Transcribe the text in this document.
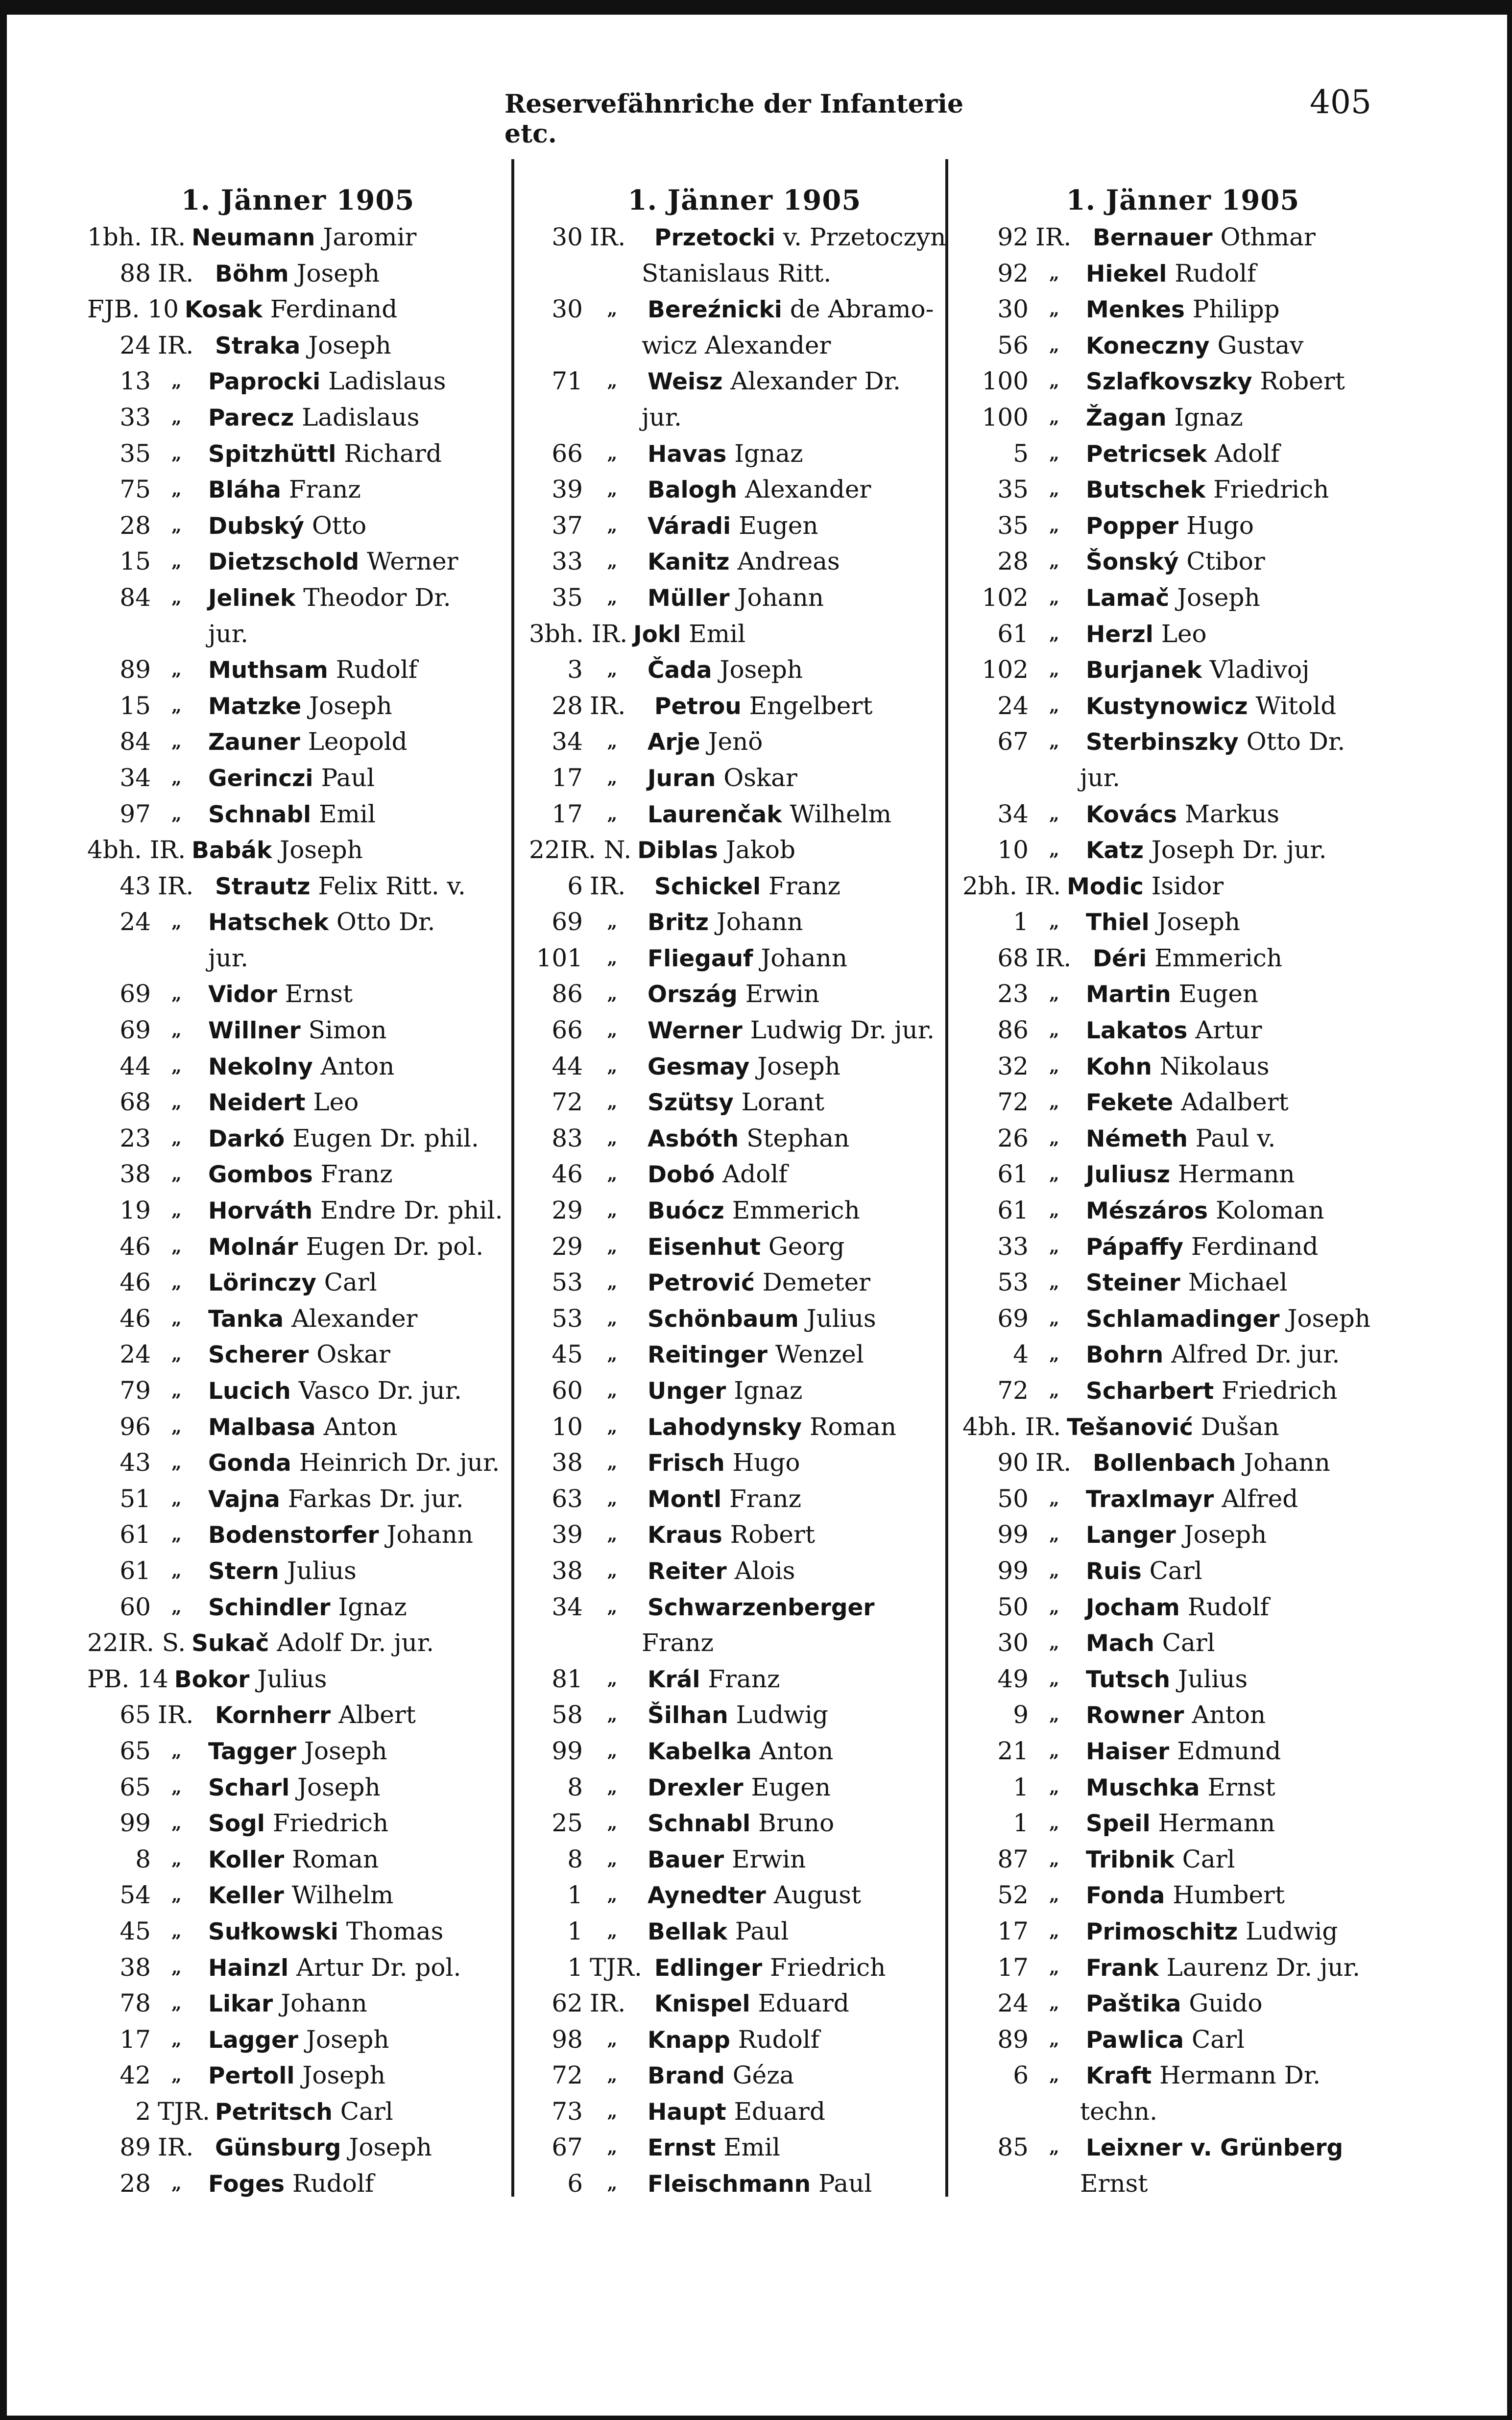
Reservefähnriche der Infanterie etc.
405
1. Jänner 1905
1bh. IR. Neumann Jaromir
88 IR. Böhm Joseph
FJB. 10 Kosak Ferdinand
24 IR. Straka Joseph
13	„	Paprocki Ladislaus
33	„	Parecz Ladislaus
35	„	Spitzhüttl Richard
75	„	Bláha Franz
28	„	Dubský Otto
15	„	Dietzschold Werner
84	„	Jelinek Theodor Dr.
jur.
89	„	Muthsam Rudolf
15	„	Matzke Joseph
84	„	Zauner Leopold
34	„	Gerinczi Paul
97	„	Schnabl Emil
4bh. IR. Babák Joseph
43 IR. Strautz Felix Ritt. v.
24	„	Hatschek Otto Dr.
jur.
69	„	Vidor Ernst
69	„	Willner Simon
44	„	Nekolny Anton
68	„	Neidert Leo
23	„	Darkó Eugen Dr. phil.
38	„	Gombos Franz
19	„	Horváth Endre Dr. phil.
46	„	Molnár Eugen Dr. pol.
46	„	Lörinczy Carl
46	„	Tanka Alexander
24	„	Scherer Oskar
79	„	Lucich Vasco Dr. jur.
96	„	Malbasa Anton
43	„	Gonda Heinrich Dr. jur.
51	„	Vajna Farkas Dr. jur.
61	„	Bodenstorfer Johann
61	„	Stern Julius
60	„	Schindler Ignaz
22IR. S. Sukač Adolf Dr. jur.
PB. 14 Bokor Julius
65 IR. Kornherr Albert
65	„	Tagger Joseph
65	„	Scharl Joseph
99	„	Sogl Friedrich
8	„	Koller Roman
54	„	Keller Wilhelm
45	„	Sułkowski Thomas
38	„	Hainzl Artur Dr. pol.
78	„	Likar Johann
17	„	Lagger Joseph
42	„	Pertoll Joseph
2 TJR. Petritsch Carl
89 IR. Günsburg Joseph
28	„	Foges Rudolf
1. Jänner 1905
30 IR.	Przetocki v. Przetoczyn
Stanislaus Ritt.
30	„	Bereźnicki de Abramo-
wicz Alexander
71	„	Weisz Alexander Dr.
jur.
66	„	Havas Ignaz
39	„	Balogh Alexander
37	„	Váradi Eugen
33	„	Kanitz Andreas
35	„	Müller Johann
3bh. IR. Jokl Emil
3	„	Čada Joseph
28 IR.	Petrou Engelbert
34	„	Arje Jenö
17	„	Juran Oskar
17	„	Laurenčak Wilhelm
22IR. N. Diblas Jakob
6 IR.	Schickel Franz
69	„	Britz Johann
101	„	Fliegauf Johann
86	„	Ország Erwin
66	„	Werner Ludwig Dr. jur.
44	„	Gesmay Joseph
72	„	Szütsy Lorant
83	„	Asbóth Stephan
46	„	Dobó Adolf
29	„	Buócz Emmerich
29	„	Eisenhut Georg
53	„	Petrović Demeter
53	„	Schönbaum Julius
45	„	Reitinger Wenzel
60	„	Unger Ignaz
10	„	Lahodynsky Roman
38	„	Frisch Hugo
63	„	Montl Franz
39	„	Kraus Robert
38	„	Reiter Alois
34	„	Schwarzenberger
Franz
81	„	Král Franz
58	„	Šilhan Ludwig
99	„	Kabelka Anton
8	„	Drexler Eugen
25	„	Schnabl Bruno
8	„	Bauer Erwin
1	„	Aynedter August
1	„	Bellak Paul
1 TJR. Edlinger Friedrich
62 IR.	Knispel Eduard
98	„	Knapp Rudolf
72	„	Brand Géza
73	„	Haupt Eduard
67	„	Ernst Emil
6	„	Fleischmann Paul
1. Jänner 1905
92 IR. Bernauer Othmar
92	„	Hiekel Rudolf
30	„	Menkes Philipp
56	„	Koneczny Gustav
100	„	Szlafkovszky Robert
100	„	Žagan Ignaz
5	„	Petricsek Adolf
35	„	Butschek Friedrich
35	„	Popper Hugo
28	„	Šonský Ctibor
102	„	Lamač Joseph
61	„	Herzl Leo
102	„	Burjanek Vladivoj
24	„	Kustynowicz Witold
67	„	Sterbinszky Otto Dr.
jur.
34	„	Kovács Markus
10	„	Katz Joseph Dr. jur.
2bh. IR. Modic Isidor
1	„	Thiel Joseph
68 IR. Déri Emmerich
23	„	Martin Eugen
86	„	Lakatos Artur
32	„	Kohn Nikolaus
72	„	Fekete Adalbert
26	„	Németh Paul v.
61	„	Juliusz Hermann
61	„	Mészáros Koloman
33	„	Pápaffy Ferdinand
53	„	Steiner Michael
69	„	Schlamadinger Joseph
4	„	Bohrn Alfred Dr. jur.
72	„	Scharbert Friedrich
4bh. IR. Tešanović Dušan
90 IR. Bollenbach Johann
50	„	Traxlmayr Alfred
99	„	Langer Joseph
99	„	Ruis Carl
50	„	Jocham Rudolf
30	„	Mach Carl
49	„	Tutsch Julius
9	„	Rowner Anton
21	„	Haiser Edmund
1	„	Muschka Ernst
1	„	Speil Hermann
87	„	Tribnik Carl
52	„	Fonda Humbert
17	„	Primoschitz Ludwig
17	„	Frank Laurenz Dr. jur.
24	„	Paštika Guido
89	„	Pawlica Carl
6	„	Kraft Hermann Dr.
techn.
85	„	Leixner v. Grünberg
Ernst
